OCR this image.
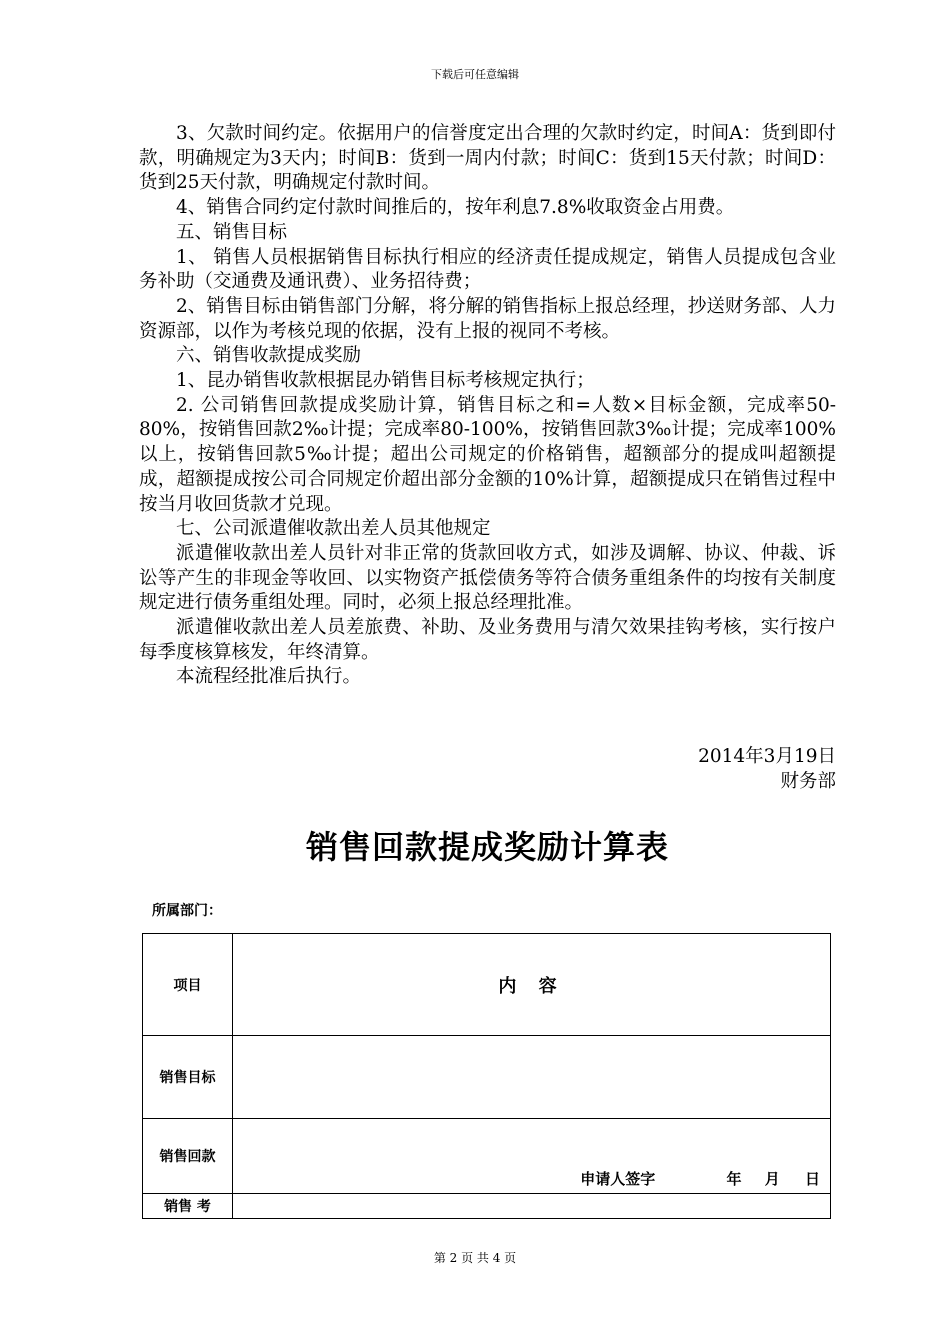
下载后可任意编辑

3、欠款时间约定。依据用户的信誉度定出合理的欠款时约定，时间A：货到即付款，明确规定为3天内；时间B：货到一周内付款；时间C：货到15天付款；时间D：货到25天付款，明确规定付款时间。

4、销售合同约定付款时间推后的，按年利息7.8%收取资金占用费。

五、销售目标

1、 销售人员根据销售目标执行相应的经济责任提成规定，销售人员提成包含业务补助（交通费及通讯费）、业务招待费；

2、销售目标由销售部门分解，将分解的销售指标上报总经理，抄送财务部、人力资源部，以作为考核兑现的依据，没有上报的视同不考核。

六、销售收款提成奖励

1、昆办销售收款根据昆办销售目标考核规定执行；

2. 公司销售回款提成奖励计算，销售目标之和=人数×目标金额，完成率50-80%，按销售回款2‰计提；完成率80-100%，按销售回款3‰计提；完成率100%以上，按销售回款5‰计提；超出公司规定的价格销售，超额部分的提成叫超额提成，超额提成按公司合同规定价超出部分金额的10%计算，超额提成只在销售过程中按当月收回货款才兑现。

七、公司派遣催收款出差人员其他规定

派遣催收款出差人员针对非正常的货款回收方式，如涉及调解、协议、仲裁、诉讼等产生的非现金等收回、以实物资产抵偿债务等符合债务重组条件的均按有关制度规定进行债务重组处理。同时，必须上报总经理批准。

派遣催收款出差人员差旅费、补助、及业务费用与清欠效果挂钩考核，实行按户每季度核算核发，年终清算。

本流程经批准后执行。

2014年3月19日
财务部
销售回款提成奖励计算表
所属部门：
项目	内 容
销售目标	
销售回款	申请人签字 年 月 日

销售 考	
第 2 页 共 4 页
